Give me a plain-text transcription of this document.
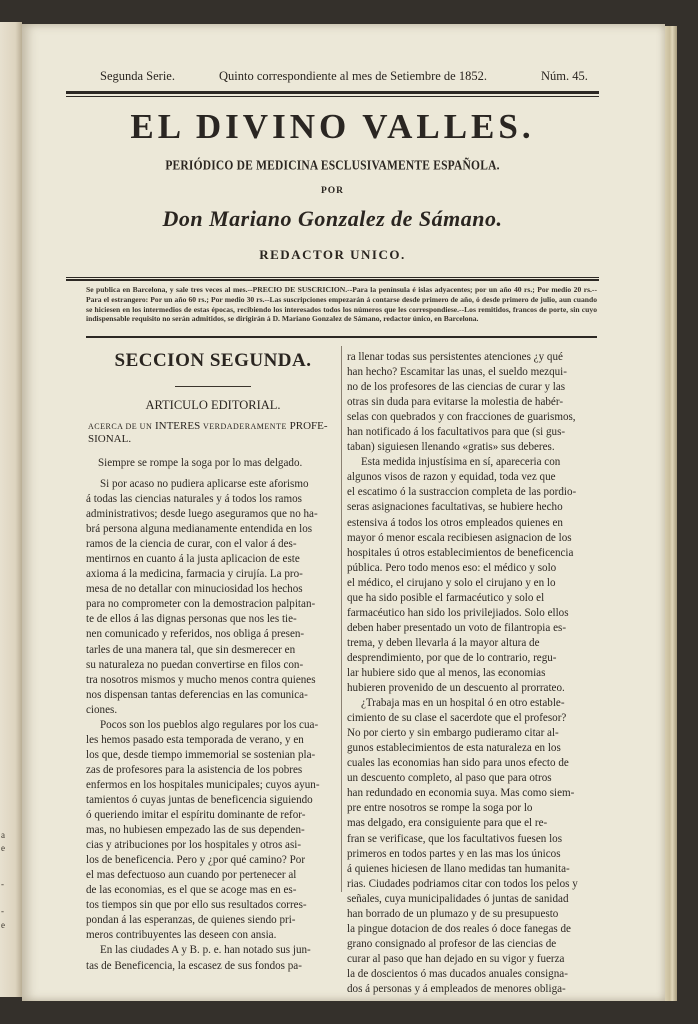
a
e
-
-
e
Segunda Serie.	Quinto correspondiente al mes de Setiembre de 1852.	Núm. 45.
EL DIVINO VALLES.
PERIÓDICO DE MEDICINA ESCLUSIVAMENTE ESPAÑOLA.
POR
Don Mariano Gonzalez de Sámano.
REDACTOR UNICO.
Se publica en Barcelona, y sale tres veces al mes.--PRECIO DE SUSCRICION.--Para la península é islas adyacentes; por un año 40 rs.; Por medio 20 rs.--Para el estrangero: Por un año 60 rs.; Por medio 30 rs.--Las suscripciones empezarán á contarse desde primero de año, ó desde primero de julio, aun cuando se hiciesen en los intermedios de estas épocas, recibiendo los interesados todos los números que les correspondiese.--Los remitidos, francos de porte, sin cuyo indispensable requisito no serán admitidos, se dirigirán á D. Mariano Gonzalez de Sámano, redactor único, en Barcelona.
SECCION SEGUNDA.
ARTICULO EDITORIAL.
ACERCA DE UN INTERES VERDADERAMENTE PROFE-
SIONAL.
Siempre se rompe la soga por lo mas delgado.
Si por acaso no pudiera aplicarse este aforismo
á todas las ciencias naturales y á todos los ramos
administrativos; desde luego aseguramos que no ha-
brá persona alguna medianamente entendida en los
ramos de la ciencia de curar, con el valor á des-
mentirnos en cuanto á la justa aplicacion de este
axioma á la medicina, farmacia y cirujía. La pro-
mesa de no detallar con minuciosidad los hechos
para no comprometer con la demostracion palpitan-
te de ellos á las dignas personas que nos les tie-
nen comunicado y referidos, nos obliga á presen-
tarles de una manera tal, que sin desmerecer en
su naturaleza no puedan convertirse en filos con-
tra nosotros mismos y mucho menos contra quienes
nos dispensan tantas deferencias en las comunica-
ciones.
Pocos son los pueblos algo regulares por los cua-
les hemos pasado esta temporada de verano, y en
los que, desde tiempo immemorial se sostenian pla-
zas de profesores para la asistencia de los pobres
enfermos en los hospitales municipales; cuyos ayun-
tamientos ó cuyas juntas de beneficencia siguiendo
ó queriendo imitar el espíritu dominante de refor-
mas, no hubiesen empezado las de sus dependen-
cias y atribuciones por los hospitales y otros asi-
los de beneficencia. Pero y ¿por qué camino? Por
el mas defectuoso aun cuando por pertenecer al
de las economias, es el que se acoge mas en es-
tos tiempos sin que por ello sus resultados corres-
pondan á las esperanzas, de quienes siendo pri-
meros contribuyentes las deseen con ansia.
En las ciudades A y B. p. e. han notado sus jun-
tas de Beneficencia, la escasez de sus fondos pa-
ra llenar todas sus persistentes atenciones ¿y qué
han hecho? Escamitar las unas, el sueldo mezqui-
no de los profesores de las ciencias de curar y las
otras sin duda para evitarse la molestia de habér-
selas con quebrados y con fracciones de guarismos,
han notificado á los facultativos para que (si gus-
taban) siguiesen llenando «gratis» sus deberes.
Esta medida injustísima en sí, apareceria con
algunos visos de razon y equidad, toda vez que
el escatimo ó la sustraccion completa de las pordio-
seras asignaciones facultativas, se hubiere hecho
estensiva á todos los otros empleados quienes en
mayor ó menor escala recibiesen asignacion de los
hospitales ú otros establecimientos de beneficencia
pública. Pero todo menos eso: el médico y solo
el médico, el cirujano y solo el cirujano y en lo
que ha sido posible el farmacéutico y solo el
farmacéutico han sido los privilejiados. Solo ellos
deben haber presentado un voto de filantropia es-
trema, y deben llevarla á la mayor altura de
desprendimiento, por que de lo contrario, regu-
lar hubiere sido que al menos, las economias
hubieren provenido de un descuento al prorrateo.
¿Trabaja mas en un hospital ó en otro estable-
cimiento de su clase el sacerdote que el profesor?
No por cierto y sin embargo pudieramo citar al-
gunos establecimientos de esta naturaleza en los
cuales las economias han sido para unos efecto de
un descuento completo, al paso que para otros
han redundado en economia suya. Mas como siem-
pre entre nosotros se rompe la soga por lo
mas delgado, era consiguiente para que el re-
fran se verificase, que los facultativos fuesen los
primeros en todos partes y en las mas los únicos
á quienes hiciesen de llano medidas tan humanita-
rias. Ciudades podriamos citar con todos los pelos y
señales, cuya municipalidades ó juntas de sanidad
han borrado de un plumazo y de su presupuesto
la pingue dotacion de dos reales ó doce fanegas de
grano consignado al profesor de las ciencias de
curar al paso que han dejado en su vigor y fuerza
la de doscientos ó mas ducados anuales consigna-
dos á personas y á empleados de menores obliga-
